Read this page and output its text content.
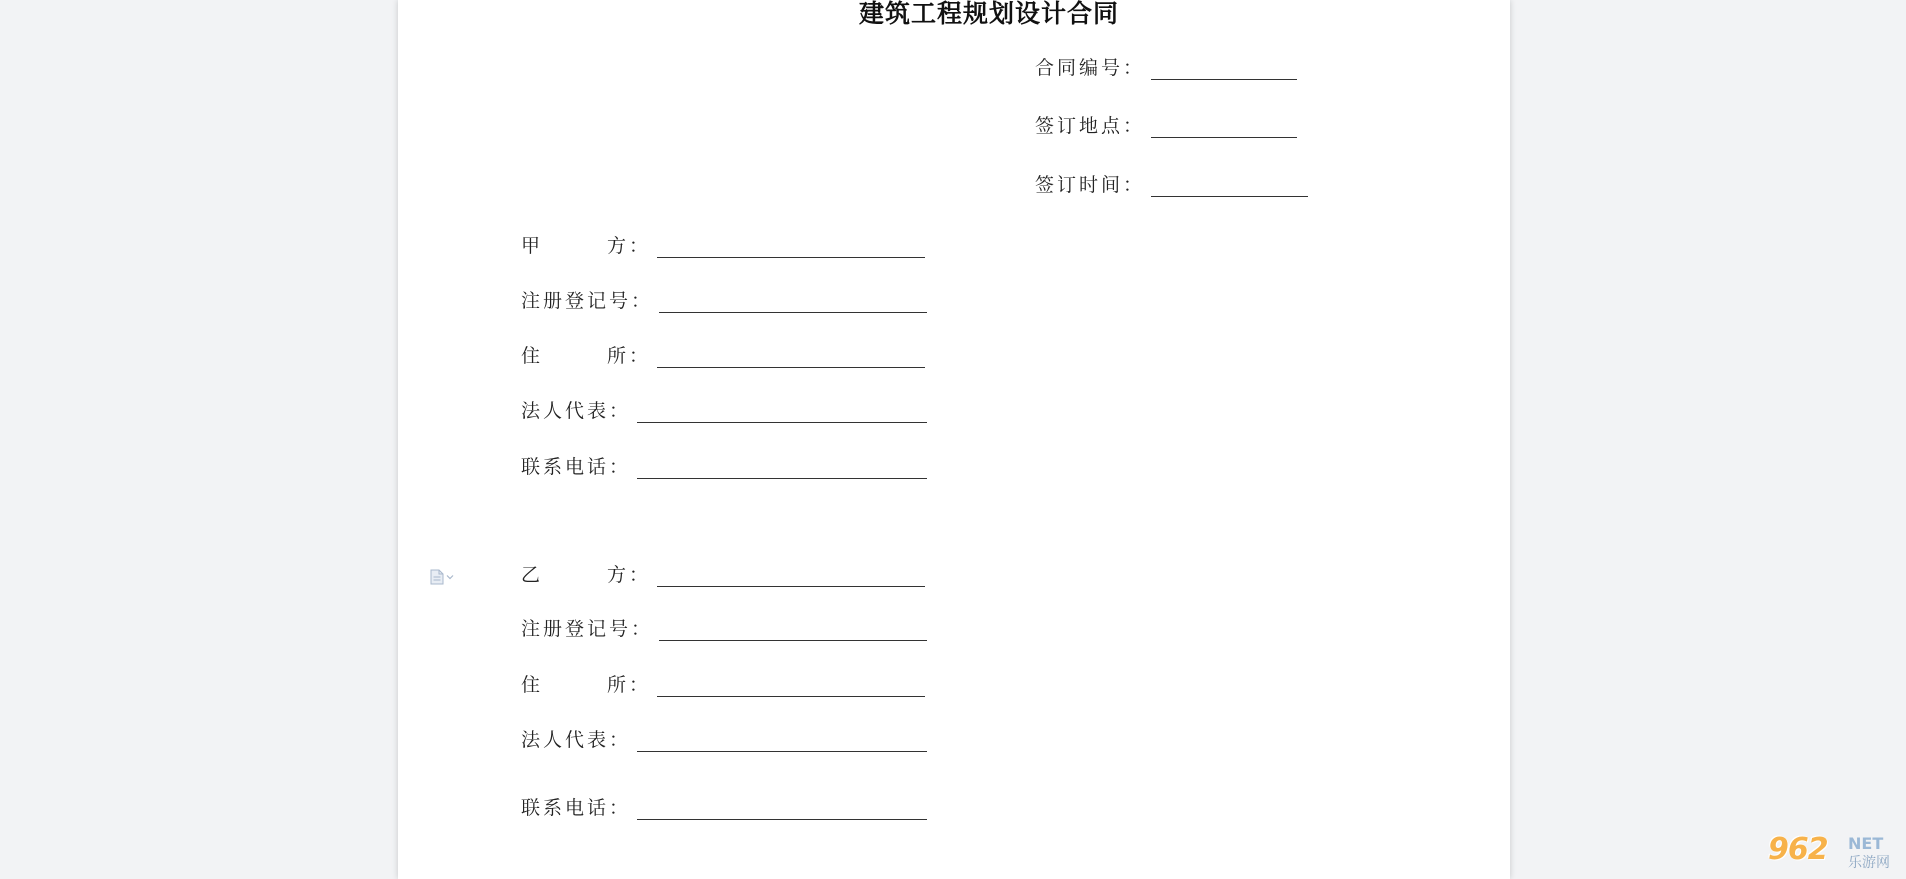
建筑工程规划设计合同
合同编号：
签订地点：
签订时间：
甲	方：
注册登记号：
住	所：
法人代表：
联系电话：
乙	方：
注册登记号：
住	所：
法人代表：
联系电话：
962 NET
乐游网
